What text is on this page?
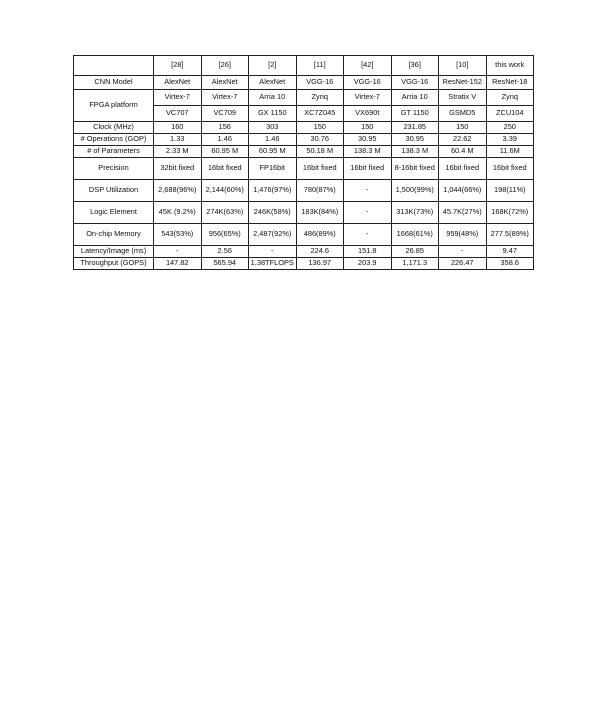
	[28]	[26]	[2]	[11]	[42]	[36]	[10]	this work
CNN Model	AlexNet	AlexNet	AlexNet	VGG-16	VGG-16	VGG-16	ResNet-152	ResNet-18
FPGA platform	Virtex-7	Virtex-7	Arria 10	Zynq	Virtex-7	Arria 10	Stratix V	Zynq
	VC707	VC709	GX 1150	XC7Z045	VX690t	GT 1150	GSMD5	ZCU104
Clock (MHz)	160	156	303	150	150	231.85	150	250
# Operations (GOP)	1.33	1.46	1.46	30.76	30.95	30.95	22.62	3.39
# of Parameters	2.33 M	60.95 M	60.95 M	50.18 M	138.3 M	138.3 M	60.4 M	11.6M
Precision	32bit fixed	16bit fixed	FP16bit	16bit fixed	16bit fixed	8-16bit fixed	16bit fixed	16bit fixed
DSP Utilization	2,688(96%)	2,144(60%)	1,476(97%)	780(87%)	-	1,500(99%)	1,044(66%)	198(11%)
Logic Element	45K (9.2%)	274K(63%)	246K(58%)	183K(84%)	-	313K(73%)	45.7K(27%)	168K(72%)
On-chip Memory	543(53%)	956(65%)	2,487(92%)	486(89%)	-	1668(61%)	959(48%)	277.5(89%)
Latency/Image (ms)	-	2.56	-	224.6	151.8	26.85	-	9.47
Throughput (GOPS)	147.82	565.94	1.38TFLOPS	136.97	203.9	1,171.3	226.47	358.6
